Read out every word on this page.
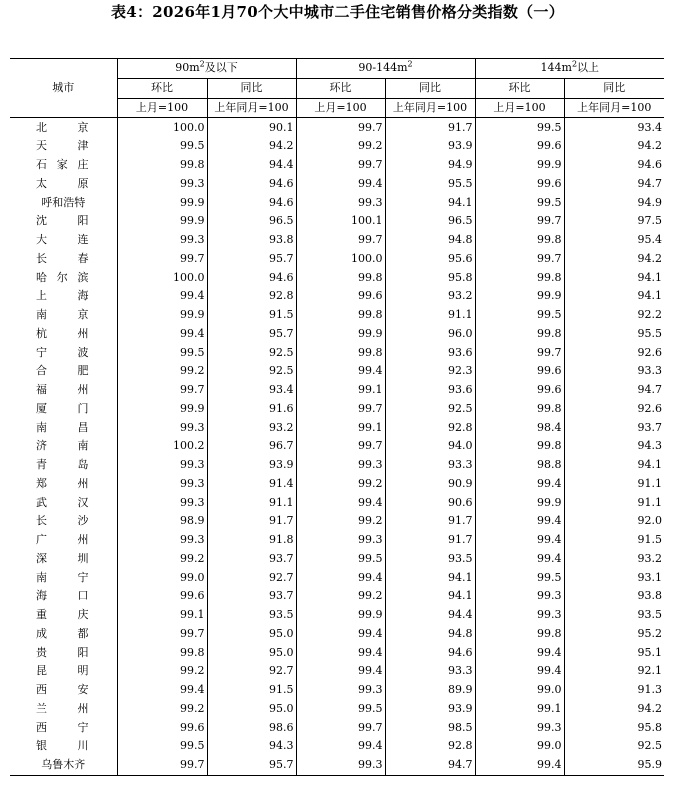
表4：2026年1月70个大中城市二手住宅销售价格分类指数（一）
城市	$90m^2$及以下		$90-144m^2$		$144m^2$以上	
	环比	同比	环比	同比	环比	同比
	上月=100	上年同月=100	上月=100	上年同月=100	上月=100	上年同月=100

北 京	100.0	90.1	99.7	91.7	99.5	93.4

天 津	99.5	94.2	99.2	93.9	99.6	94.2

石 家 庄	99.8	94.4	99.7	94.9	99.9	94.6

太 原	99.3	94.6	99.4	95.5	99.6	94.7

呼和浩特	99.9	94.6	99.3	94.1	99.5	94.9

沈 阳	99.9	96.5	100.1	96.5	99.7	97.5

大 连	99.3	93.8	99.7	94.8	99.8	95.4

长 春	99.7	95.7	100.0	95.6	99.7	94.2

哈 尔 滨	100.0	94.6	99.8	95.8	99.8	94.1

上 海	99.4	92.8	99.6	93.2	99.9	94.1

南 京	99.9	91.5	99.8	91.1	99.5	92.2

杭 州	99.4	95.7	99.9	96.0	99.8	95.5

宁 波	99.5	92.5	99.8	93.6	99.7	92.6

合 肥	99.2	92.5	99.4	92.3	99.6	93.3

福 州	99.7	93.4	99.1	93.6	99.6	94.7

厦 门	99.9	91.6	99.7	92.5	99.8	92.6

南 昌	99.3	93.2	99.1	92.8	98.4	93.7

济 南	100.2	96.7	99.7	94.0	99.8	94.3

青 岛	99.3	93.9	99.3	93.3	98.8	94.1

郑 州	99.3	91.4	99.2	90.9	99.4	91.1

武 汉	99.3	91.1	99.4	90.6	99.9	91.1

长 沙	98.9	91.7	99.2	91.7	99.4	92.0

广 州	99.3	91.8	99.3	91.7	99.4	91.5

深 圳	99.2	93.7	99.5	93.5	99.4	93.2

南 宁	99.0	92.7	99.4	94.1	99.5	93.1

海 口	99.6	93.7	99.2	94.1	99.3	93.8

重 庆	99.1	93.5	99.9	94.4	99.3	93.5

成 都	99.7	95.0	99.4	94.8	99.8	95.2

贵 阳	99.8	95.0	99.4	94.6	99.4	95.1

昆 明	99.2	92.7	99.4	93.3	99.4	92.1

西 安	99.4	91.5	99.3	89.9	99.0	91.3

兰 州	99.2	95.0	99.5	93.9	99.1	94.2

西 宁	99.6	98.6	99.7	98.5	99.3	95.8

银 川	99.5	94.3	99.4	92.8	99.0	92.5

乌鲁木齐	99.7	95.7	99.3	94.7	99.4	95.9
